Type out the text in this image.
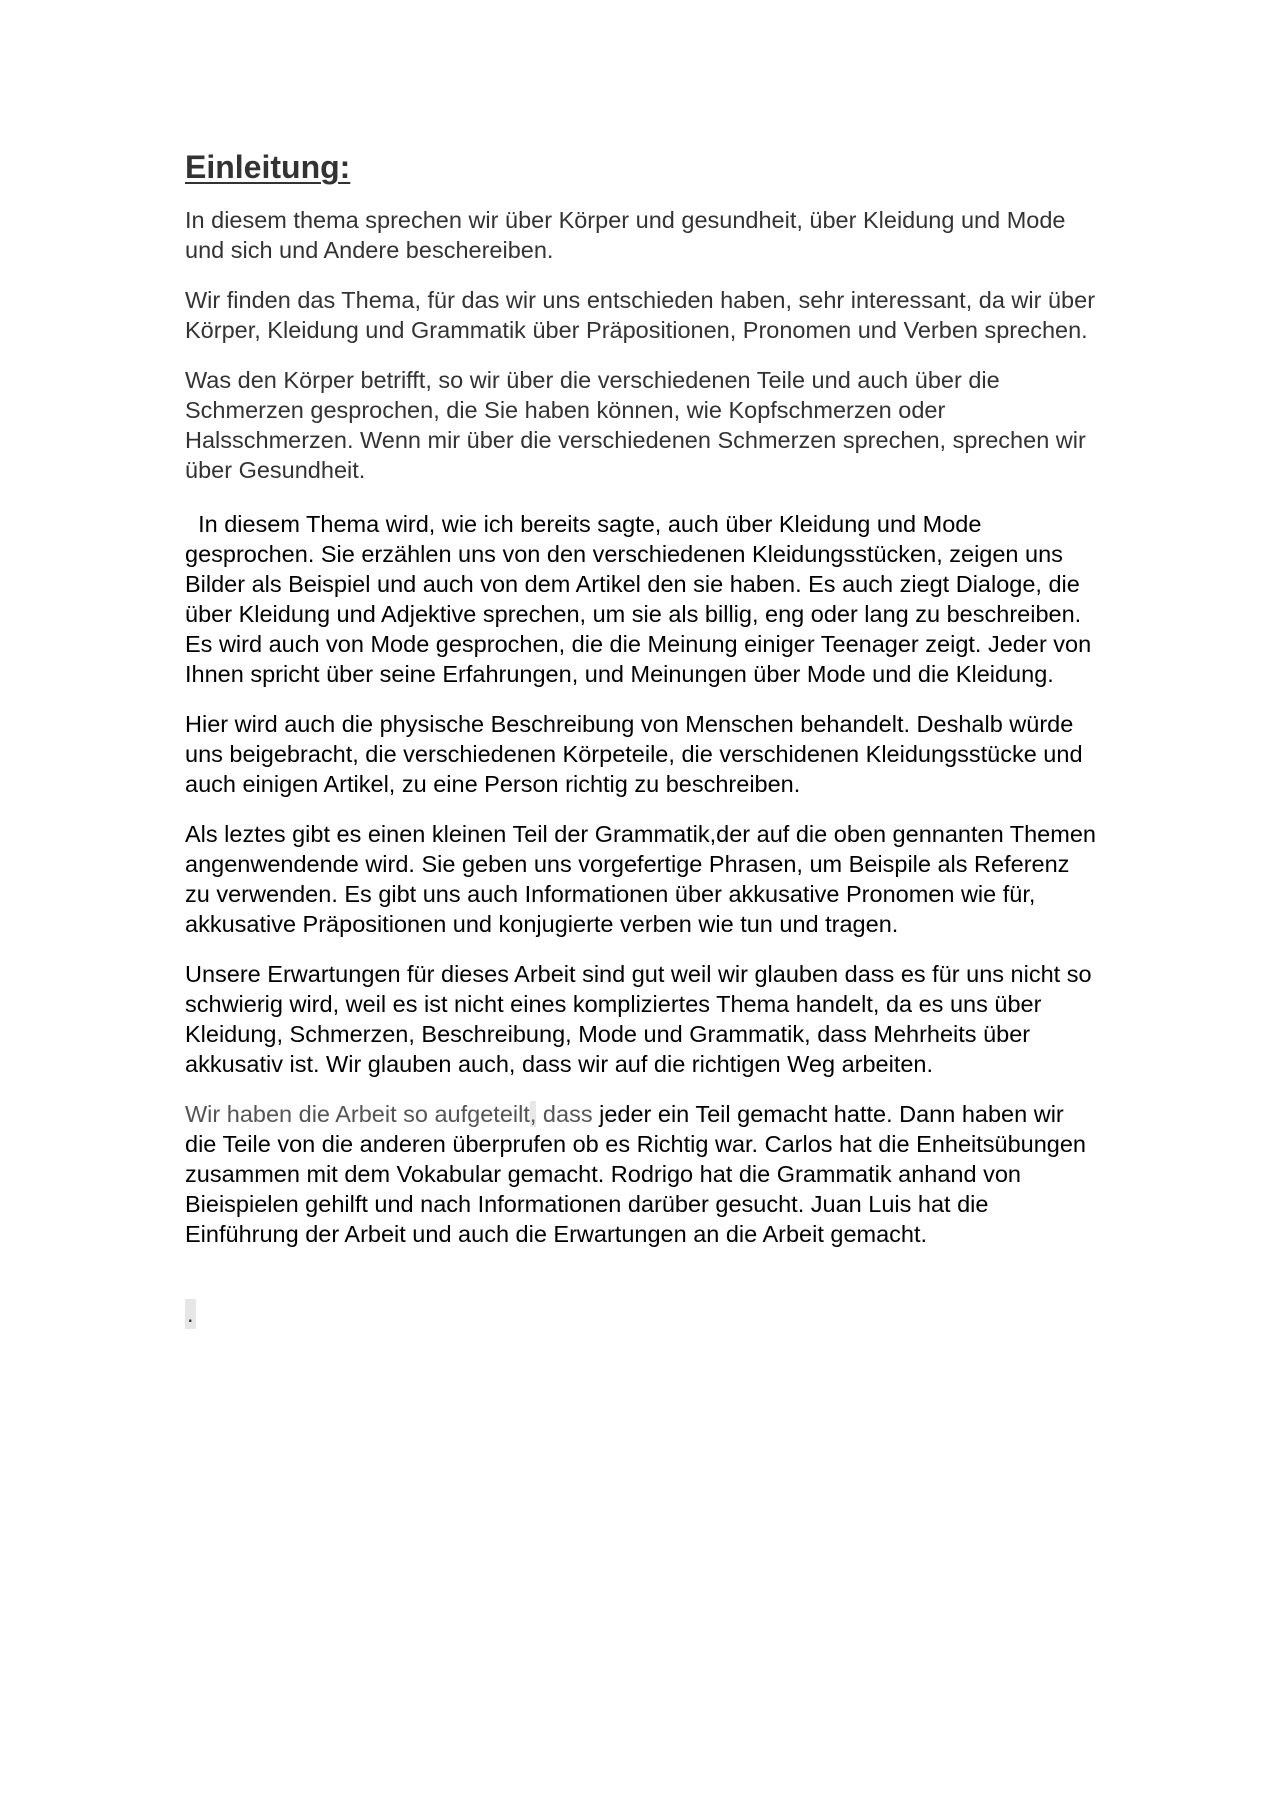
Einleitung:

In diesem thema sprechen wir über Körper und gesundheit, über Kleidung und Mode und sich und Andere beschereiben.

Wir finden das Thema, für das wir uns entschieden haben, sehr interessant, da wir über Körper, Kleidung und Grammatik über Präpositionen, Pronomen und Verben sprechen.

Was den Körper betrifft, so wir über die verschiedenen Teile und auch über die Schmerzen gesprochen, die Sie haben können, wie Kopfschmerzen oder Halsschmerzen. Wenn mir über die verschiedenen Schmerzen sprechen, sprechen wir über Gesundheit.

In diesem Thema wird, wie ich bereits sagte, auch über Kleidung und Mode gesprochen. Sie erzählen uns von den verschiedenen Kleidungsstücken, zeigen uns Bilder als Beispiel und auch von dem Artikel den sie haben. Es auch ziegt Dialoge, die über Kleidung und Adjektive sprechen, um sie als billig, eng oder lang zu beschreiben. Es wird auch von Mode gesprochen, die die Meinung einiger Teenager zeigt. Jeder von Ihnen spricht über seine Erfahrungen, und Meinungen über Mode und die Kleidung.

Hier wird auch die physische Beschreibung von Menschen behandelt. Deshalb würde uns beigebracht, die verschiedenen Körpeteile, die verschidenen Kleidungsstücke und auch einigen Artikel, zu eine Person richtig zu beschreiben.

Als leztes gibt es einen kleinen Teil der Grammatik,der auf die oben gennanten Themen angenwendende wird. Sie geben uns vorgefertige Phrasen, um Beispile als Referenz zu verwenden. Es gibt uns auch Informationen über akkusative Pronomen wie für, akkusative Präpositionen und konjugierte verben wie tun und tragen.

Unsere Erwartungen für dieses Arbeit sind gut weil wir glauben dass es für uns nicht so schwierig wird, weil es ist nicht eines kompliziertes Thema handelt, da es uns über Kleidung, Schmerzen, Beschreibung, Mode und Grammatik, dass Mehrheits über akkusativ ist. Wir glauben auch, dass wir auf die richtigen Weg arbeiten.

Wir haben die Arbeit so aufgeteilt, dass jeder ein Teil gemacht hatte. Dann haben wir die Teile von die anderen überprufen ob es Richtig war. Carlos hat die Enheitsübungen zusammen mit dem Vokabular gemacht. Rodrigo hat die Grammatik anhand von Bieispielen gehilft und nach Informationen darüber gesucht. Juan Luis hat die Einführung der Arbeit und auch die Erwartungen an die Arbeit gemacht.

.
